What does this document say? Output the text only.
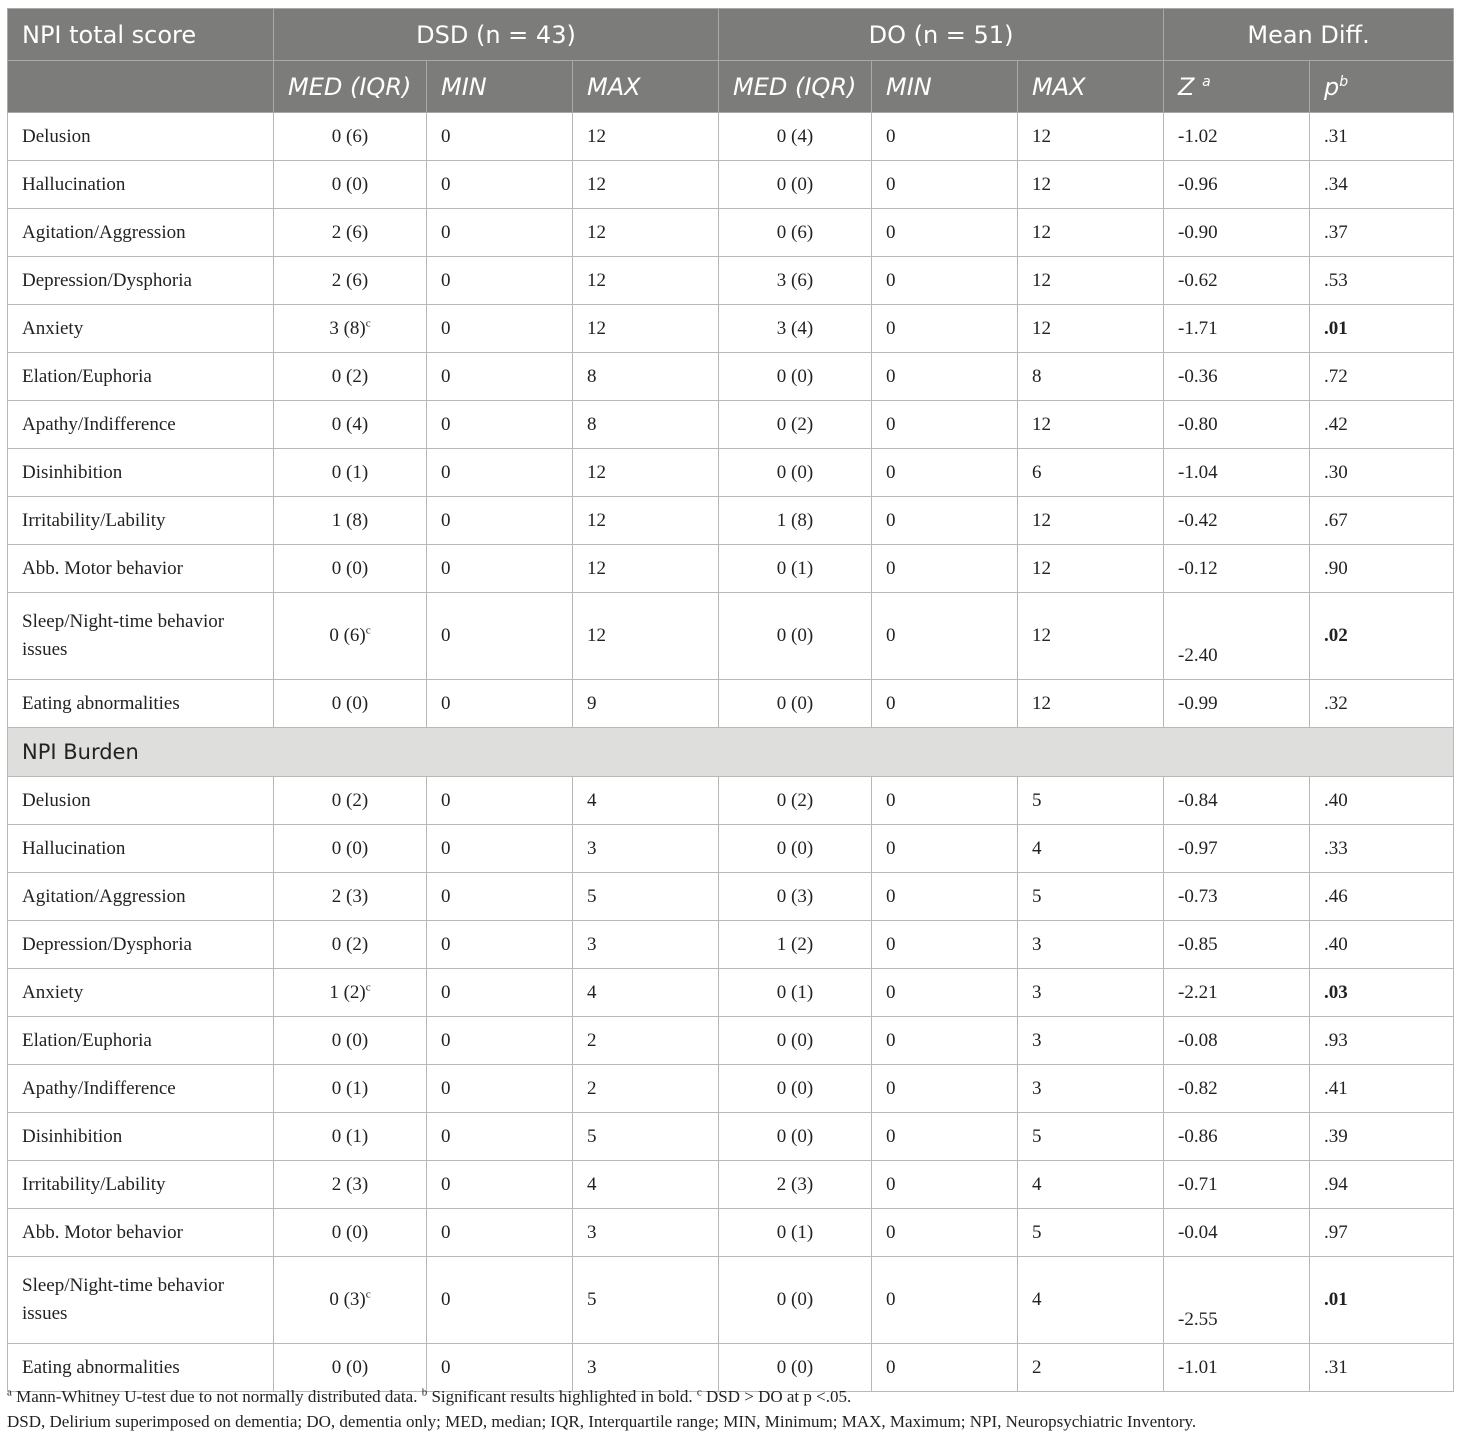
NPI total score	DSD (n = 43)			DO (n = 51)			Mean Diff.	
	MED (IQR)	MIN	MAX	MED (IQR)	MIN	MAX	Z $^a$	$p^b$
Delusion	0 (6)	0	12	0 (4)	0	12	-1.02	.31
Hallucination	0 (0)	0	12	0 (0)	0	12	-0.96	.34
Agitation/Aggression	2 (6)	0	12	0 (6)	0	12	-0.90	.37
Depression/Dysphoria	2 (6)	0	12	3 (6)	0	12	-0.62	.53
Anxiety	3 $(8)^c$	0	12	3 (4)	0	12	-1.71	.01
Elation/Euphoria	0 (2)	0	8	0 (0)	0	8	-0.36	.72
Apathy/Indifference	0 (4)	0	8	0 (2)	0	12	-0.80	.42
Disinhibition	0 (1)	0	12	0 (0)	0	6	-1.04	.30
Irritability/Lability	1 (8)	0	12	1 (8)	0	12	-0.42	.67
Abb. Motor behavior	0 (0)	0	12	0 (1)	0	12	-0.12	.90
Sleep/Night-time behavior issues	0 $(6)^c$	0	12	0 (0)	0	12	-2.40	.02
Eating abnormalities	0 (0)	0	9	0 (0)	0	12	-0.99	.32
NPI Burden								
Delusion	0 (2)	0	4	0 (2)	0	5	-0.84	.40
Hallucination	0 (0)	0	3	0 (0)	0	4	-0.97	.33
Agitation/Aggression	2 (3)	0	5	0 (3)	0	5	-0.73	.46
Depression/Dysphoria	0 (2)	0	3	1 (2)	0	3	-0.85	.40
Anxiety	1 $(2)^c$	0	4	0 (1)	0	3	-2.21	.03
Elation/Euphoria	0 (0)	0	2	0 (0)	0	3	-0.08	.93
Apathy/Indifference	0 (1)	0	2	0 (0)	0	3	-0.82	.41
Disinhibition	0 (1)	0	5	0 (0)	0	5	-0.86	.39
Irritability/Lability	2 (3)	0	4	2 (3)	0	4	-0.71	.94
Abb. Motor behavior	0 (0)	0	3	0 (1)	0	5	-0.04	.97
Sleep/Night-time behavior issues	0 $(3)^c$	0	5	0 (0)	0	4	-2.55	.01
Eating abnormalities	0 (0)	0	3	0 (0)	0	2	-1.01	.31
$^a$ Mann-Whitney U-test due to not normally distributed data. $^b$ Significant results highlighted in bold. $^c$ DSD > DO at p <.05.
DSD, Delirium superimposed on dementia; DO, dementia only; MED, median; IQR, Interquartile range; MIN, Minimum; MAX, Maximum; NPI, Neuropsychiatric Inventory.
